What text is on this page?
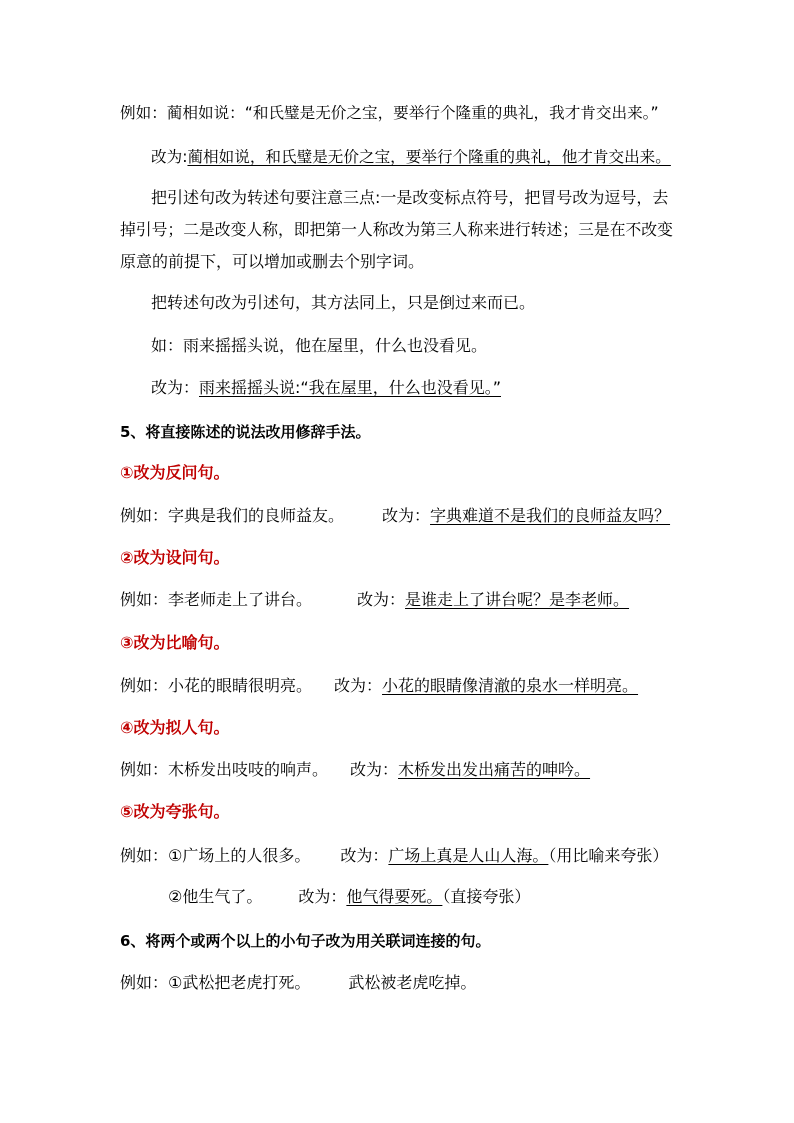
例如：蔺相如说：“和氏璧是无价之宝，要举行个隆重的典礼，我才肯交出来。”
改为:蔺相如说，和氏璧是无价之宝，要举行个隆重的典礼，他才肯交出来。
把引述句改为转述句要注意三点:一是改变标点符号，把冒号改为逗号，去
掉引号；二是改变人称，即把第一人称改为第三人称来进行转述；三是在不改变
原意的前提下，可以增加或删去个别字词。
把转述句改为引述句，其方法同上，只是倒过来而已。
如：雨来摇摇头说，他在屋里，什么也没看见。
改为：雨来摇摇头说:“我在屋里，什么也没看见。”
5、将直接陈述的说法改用修辞手法。
①改为反问句。
例如：字典是我们的良师益友。 改为：字典难道不是我们的良师益友吗？
②改为设问句。
例如：李老师走上了讲台。	改为：是谁走上了讲台呢？是李老师。
③改为比喻句。
例如：小花的眼睛很明亮。 改为：小花的眼睛像清澈的泉水一样明亮。
④改为拟人句。
例如：木桥发出吱吱的响声。 改为：木桥发出发出痛苦的呻吟。
⑤改为夸张句。
例如：①广场上的人很多。 改为：广场上真是人山人海。（用比喻来夸张）
②他生气了。 改为：他气得要死。（直接夸张）
6、将两个或两个以上的小句子改为用关联词连接的句。
例如：①武松把老虎打死。 武松被老虎吃掉。
